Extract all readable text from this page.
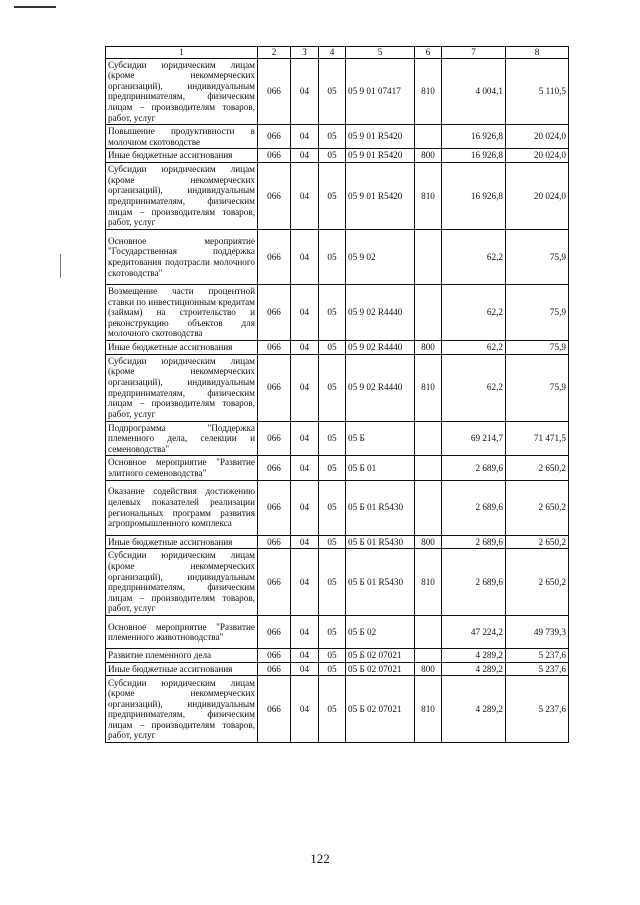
1	2	3	4	5	6	7	8
Субсидии юридическим лицам (кроме некоммерческих организаций), индивидуальным предпринимателям, физическим лицам – производителям товаров, работ, услуг	066	04	05	05 9 01 07417	810	4 004,1	5 110,5
Повышение продуктивности в молочном скотоводстве	066	04	05	05 9 01 R5420		16 926,8	20 024,0
Иные бюджетные ассигнования	066	04	05	05 9 01 R5420	800	16 926,8	20 024,0
Субсидии юридическим лицам (кроме некоммерческих организаций), индивидуальным предпринимателям, физическим лицам – производителям товаров, работ, услуг	066	04	05	05 9 01 R5420	810	16 926,8	20 024,0
Основное мероприятие "Государственная поддержка кредитования подотрасли молочного скотоводства"	066	04	05	05 9 02		62,2	75,9
Возмещение части процентной ставки по инвестиционным кредитам (займам) на строительство и реконструкцию объектов для молочного скотоводства	066	04	05	05 9 02 R4440		62,2	75,9
Иные бюджетные ассигнования	066	04	05	05 9 02 R4440	800	62,2	75,9
Субсидии юридическим лицам (кроме некоммерческих организаций), индивидуальным предпринимателям, физическим лицам – производителям товаров, работ, услуг	066	04	05	05 9 02 R4440	810	62,2	75,9
Подпрограмма "Поддержка племенного дела, селекции и семеноводства"	066	04	05	05 Б		69 214,7	71 471,5
Основное мероприятие "Развитие элитного семеноводства"	066	04	05	05 Б 01		2 689,6	2 650,2
Оказание содействия достижению целевых показателей реализации региональных программ развития агропромышленного комплекса	066	04	05	05 Б 01 R5430		2 689,6	2 650,2
Иные бюджетные ассигнования	066	04	05	05 Б 01 R5430	800	2 689,6	2 650,2
Субсидии юридическим лицам (кроме некоммерческих организаций), индивидуальным предпринимателям, физическим лицам – производителям товаров, работ, услуг	066	04	05	05 Б 01 R5430	810	2 689,6	2 650,2
Основное мероприятие "Развитие племенного животноводства"	066	04	05	05 Б 02		47 224,2	49 739,3
Развитие племенного дела	066	04	05	05 Б 02 07021		4 289,2	5 237,6
Иные бюджетные ассигнования	066	04	05	05 Б 02 07021	800	4 289,2	5 237,6
Субсидии юридическим лицам (кроме некоммерческих организаций), индивидуальным предпринимателям, физическим лицам – производителям товаров, работ, услуг	066	04	05	05 Б 02 07021	810	4 289,2	5 237,6
122
